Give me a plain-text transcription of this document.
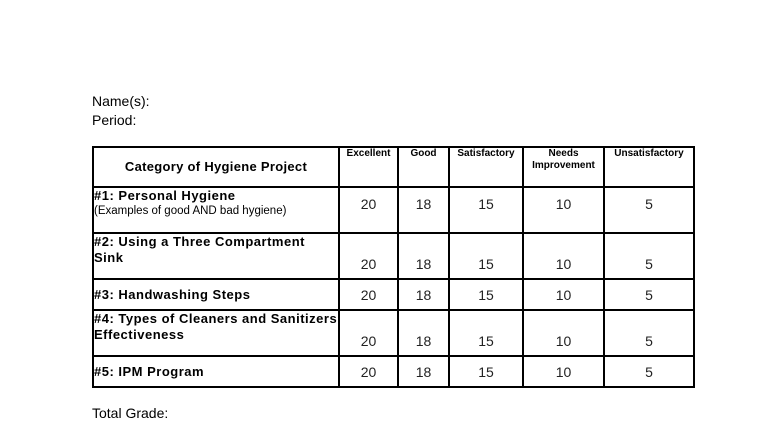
Name(s):
Period:
Category of Hygiene Project	Excellent	Good	Satisfactory	Needs Improvement	Unsatisfactory

#1: Personal Hygiene
(Examples of good AND bad hygiene)	20	18	15	10	5

#2: Using a Three Compartment Sink	20	18	15	10	5

#3: Handwashing Steps	20	18	15	10	5

#4: Types of Cleaners and Sanitizers Effectiveness	20	18	15	10	5

#5: IPM Program	20	18	15	10	5
Total Grade:
